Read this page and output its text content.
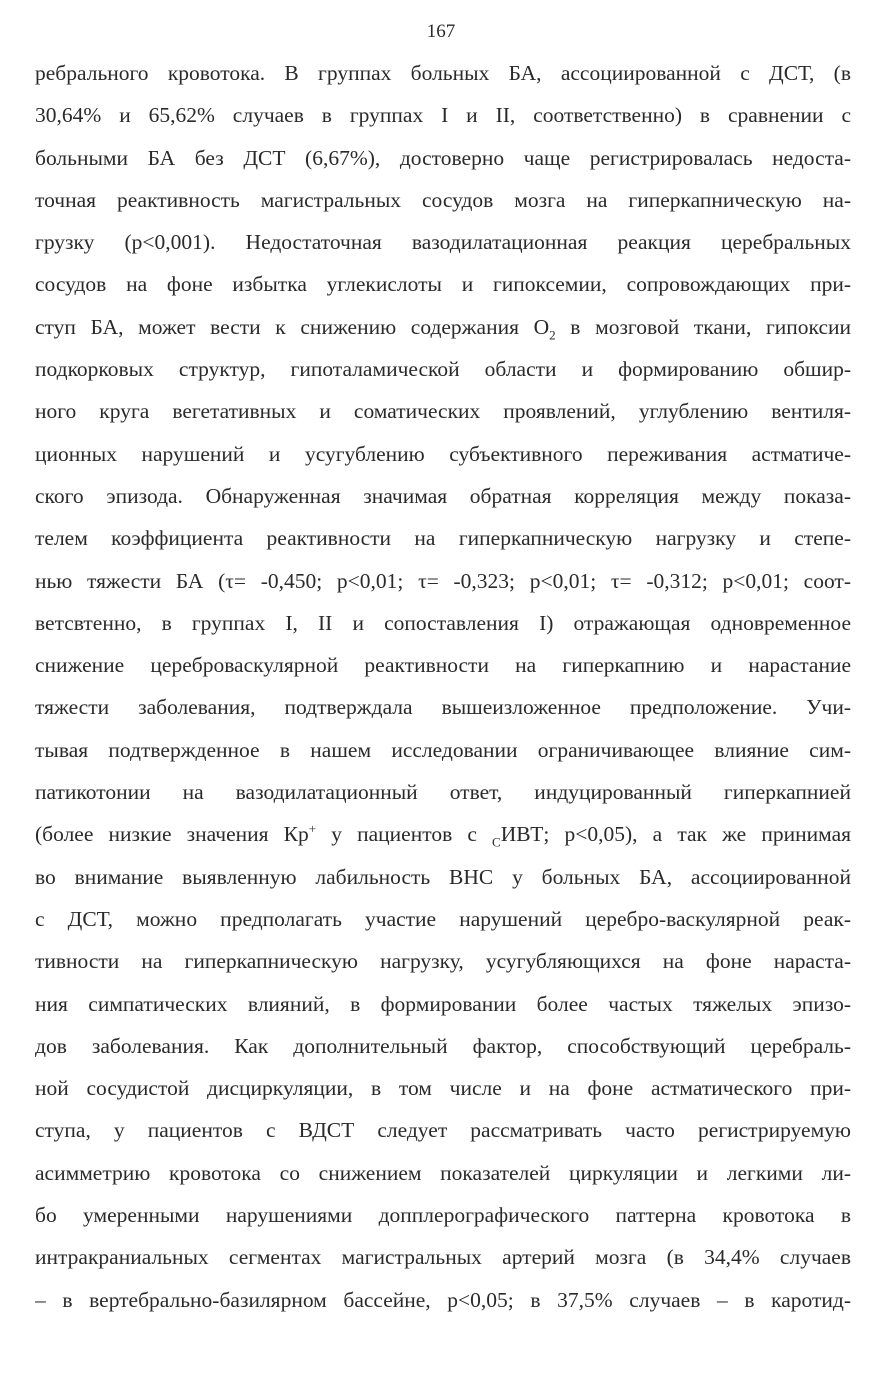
167
ребрального кровотока. В группах больных БА, ассоциированной с ДСТ, (в
30,64% и 65,62% случаев в группах I и II, соответственно) в сравнении с
больными БА без ДСТ (6,67%), достоверно чаще регистрировалась недоста-
точная реактивность магистральных сосудов мозга на гиперкапническую на-
грузку (р<0,001). Недостаточная вазодилатационная реакция церебральных
сосудов на фоне избытка углекислоты и гипоксемии, сопровождающих при-
ступ БА, может вести к снижению содержания $О_2$ в мозговой ткани, гипоксии
подкорковых структур, гипоталамической области и формированию обшир-
ного круга вегетативных и соматических проявлений, углублению вентиля-
ционных нарушений и усугублению субъективного переживания астматиче-
ского эпизода. Обнаруженная значимая обратная корреляция между показа-
телем коэффициента реактивности на гиперкапническую нагрузку и степе-
нью тяжести БА (τ= -0,450; р<0,01; τ= -0,323; р<0,01; τ= -0,312; р<0,01; соот-
ветсвтенно, в группах I, II и сопоставления I) отражающая одновременное
снижение цереброваскулярной реактивности на гиперкапнию и нарастание
тяжести заболевания, подтверждала вышеизложенное предположение. Учи-
тывая подтвержденное в нашем исследовании ограничивающее влияние сим-
патикотонии на вазодилатационный ответ, индуцированный гиперкапнией
(более низкие значения Кр+ у пациентов с $_С$ИВТ; р<0,05), а так же принимая
во внимание выявленную лабильность ВНС у больных БА, ассоциированной
с ДСТ, можно предполагать участие нарушений церебро-васкулярной реак-
тивности на гиперкапническую нагрузку, усугубляющихся на фоне нараста-
ния симпатических влияний, в формировании более частых тяжелых эпизо-
дов заболевания. Как дополнительный фактор, способствующий церебраль-
ной сосудистой дисциркуляции, в том числе и на фоне астматического при-
ступа, у пациентов с ВДСТ следует рассматривать часто регистрируемую
асимметрию кровотока со снижением показателей циркуляции и легкими ли-
бо умеренными нарушениями допплерографического паттерна кровотока в
интракраниальных сегментах магистральных артерий мозга (в 34,4% случаев
– в вертебрально-базилярном бассейне, р<0,05; в 37,5% случаев – в каротид-
